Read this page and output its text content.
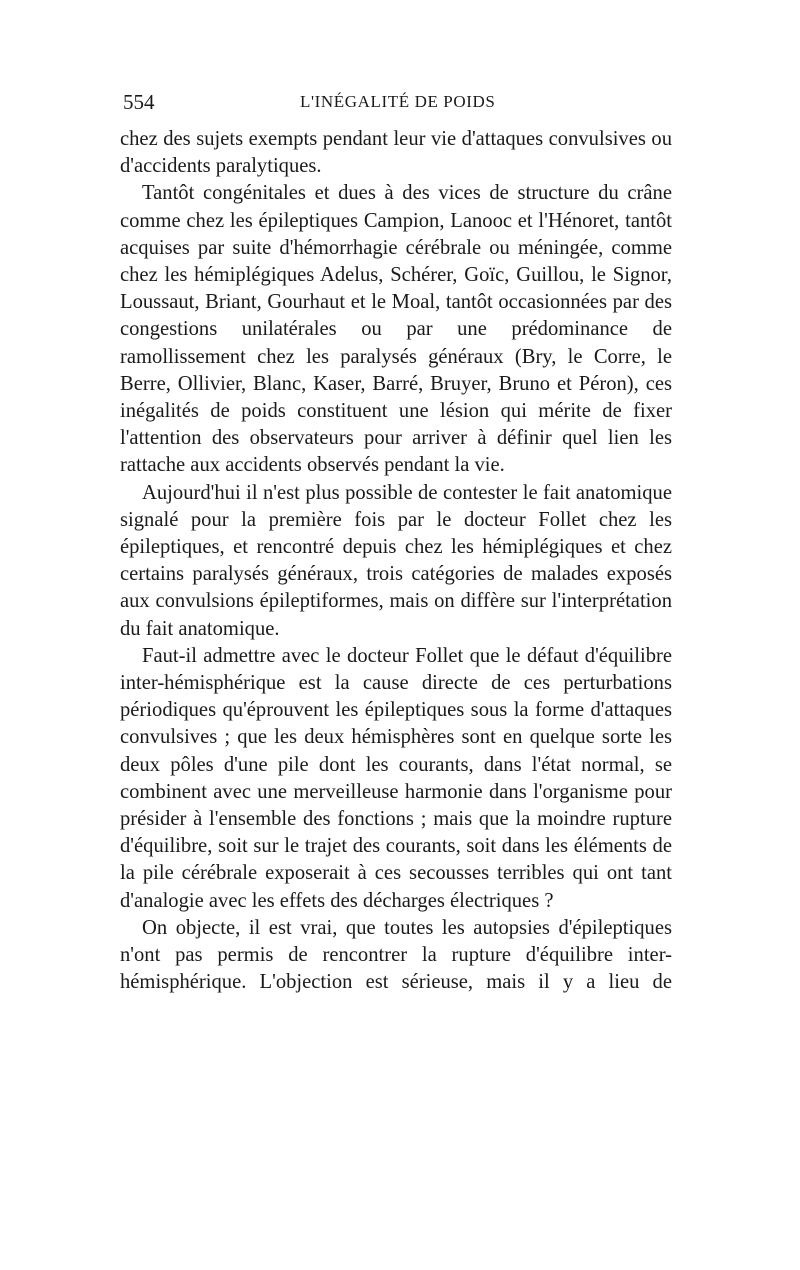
554	L'INÉGALITÉ DE POIDS

chez des sujets exempts pendant leur vie d'attaques convulsives ou d'accidents paralytiques.

Tantôt congénitales et dues à des vices de structure du crâne comme chez les épileptiques Campion, Lanooc et l'Hénoret, tantôt acquises par suite d'hémorrhagie cérébrale ou méningée, comme chez les hémiplégiques Adelus, Schérer, Goïc, Guillou, le Signor, Loussaut, Briant, Gourhaut et le Moal, tantôt occasionnées par des congestions unilatérales ou par une prédominance de ramollissement chez les paralysés généraux (Bry, le Corre, le Berre, Ollivier, Blanc, Kaser, Barré, Bruyer, Bruno et Péron), ces inégalités de poids constituent une lésion qui mérite de fixer l'attention des observateurs pour arriver à définir quel lien les rattache aux accidents observés pendant la vie.

Aujourd'hui il n'est plus possible de contester le fait anatomique signalé pour la première fois par le docteur Follet chez les épileptiques, et rencontré depuis chez les hémiplégiques et chez certains paralysés généraux, trois catégories de malades exposés aux convulsions épileptiformes, mais on diffère sur l'interprétation du fait anatomique.

Faut-il admettre avec le docteur Follet que le défaut d'équilibre inter-hémisphérique est la cause directe de ces perturbations périodiques qu'éprouvent les épileptiques sous la forme d'attaques convulsives ; que les deux hémisphères sont en quelque sorte les deux pôles d'une pile dont les courants, dans l'état normal, se combinent avec une merveilleuse harmonie dans l'organisme pour présider à l'ensemble des fonctions ; mais que la moindre rupture d'équilibre, soit sur le trajet des courants, soit dans les éléments de la pile cérébrale exposerait à ces secousses terribles qui ont tant d'analogie avec les effets des décharges électriques ?

On objecte, il est vrai, que toutes les autopsies d'épileptiques n'ont pas permis de rencontrer la rupture d'équilibre inter-hémisphérique. L'objection est sérieuse, mais il y a lieu de
